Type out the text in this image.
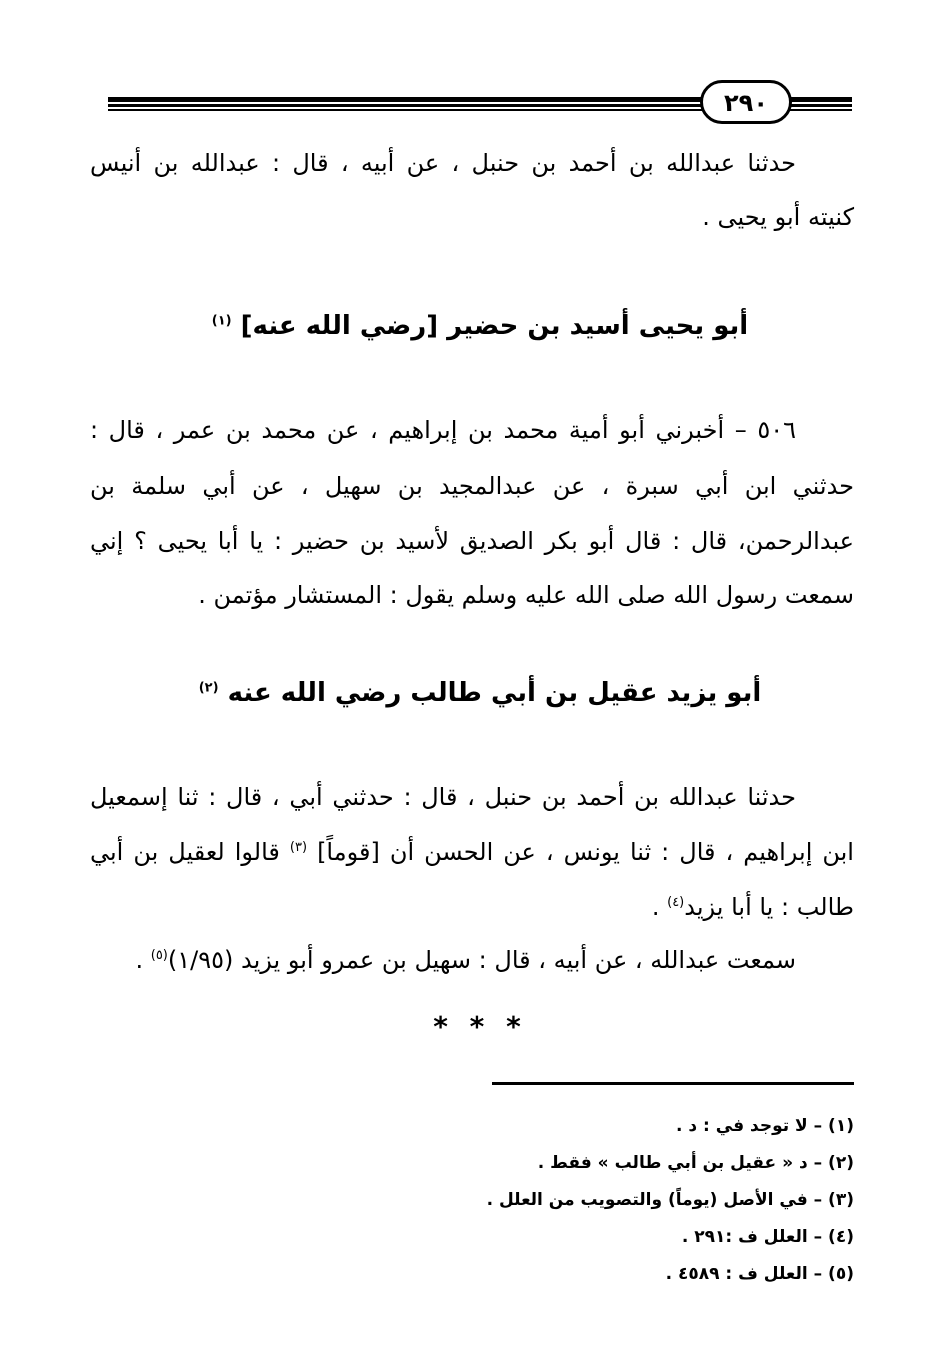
٢٩٠
حدثنا عبدالله بن أحمد بن حنبل ، عن أبيه ، قال : عبدالله بن أنيس
كنيته أبو يحيى .
أبو يحيى أسيد بن حضير [رضي الله عنه] $^{(١)}$
٥٠٦ – أخبرني أبو أمية محمد بن إبراهيم ، عن محمد بن عمر ، قال :
حدثني ابن أبي سبرة ، عن عبدالمجيد بن سهيل ، عن أبي سلمة بن
عبدالرحمن، قال : قال أبو بكر الصديق لأسيد بن حضير : يا أبا يحيى ؟ إني
سمعت رسول الله صلى الله عليه وسلم يقول : المستشار مؤتمن .
أبو يزيد عقيل بن أبي طالب رضي الله عنه $^{(٢)}$
حدثنا عبدالله بن أحمد بن حنبل ، قال : حدثني أبي ، قال : ثنا إسمعيل
ابن إبراهيم ، قال : ثنا يونس ، عن الحسن أن [قوماً] $^{(٣)}$ قالوا لعقيل بن أبي
طالب : يا أبا يزيد$^{(٤)}$ .
سمعت عبدالله ، عن أبيه ، قال : سهيل بن عمرو أبو يزيد (١/٩٥)$^{(٥)}$ .
* * *
(١) – لا توجد في : د .
(٢) – د « عقيل بن أبي طالب » فقط .
(٣) – في الأصل (يوماً) والتصويب من العلل .
(٤) – العلل ف :٢٩١ .
(٥) – العلل ف : ٤٥٨٩ .
